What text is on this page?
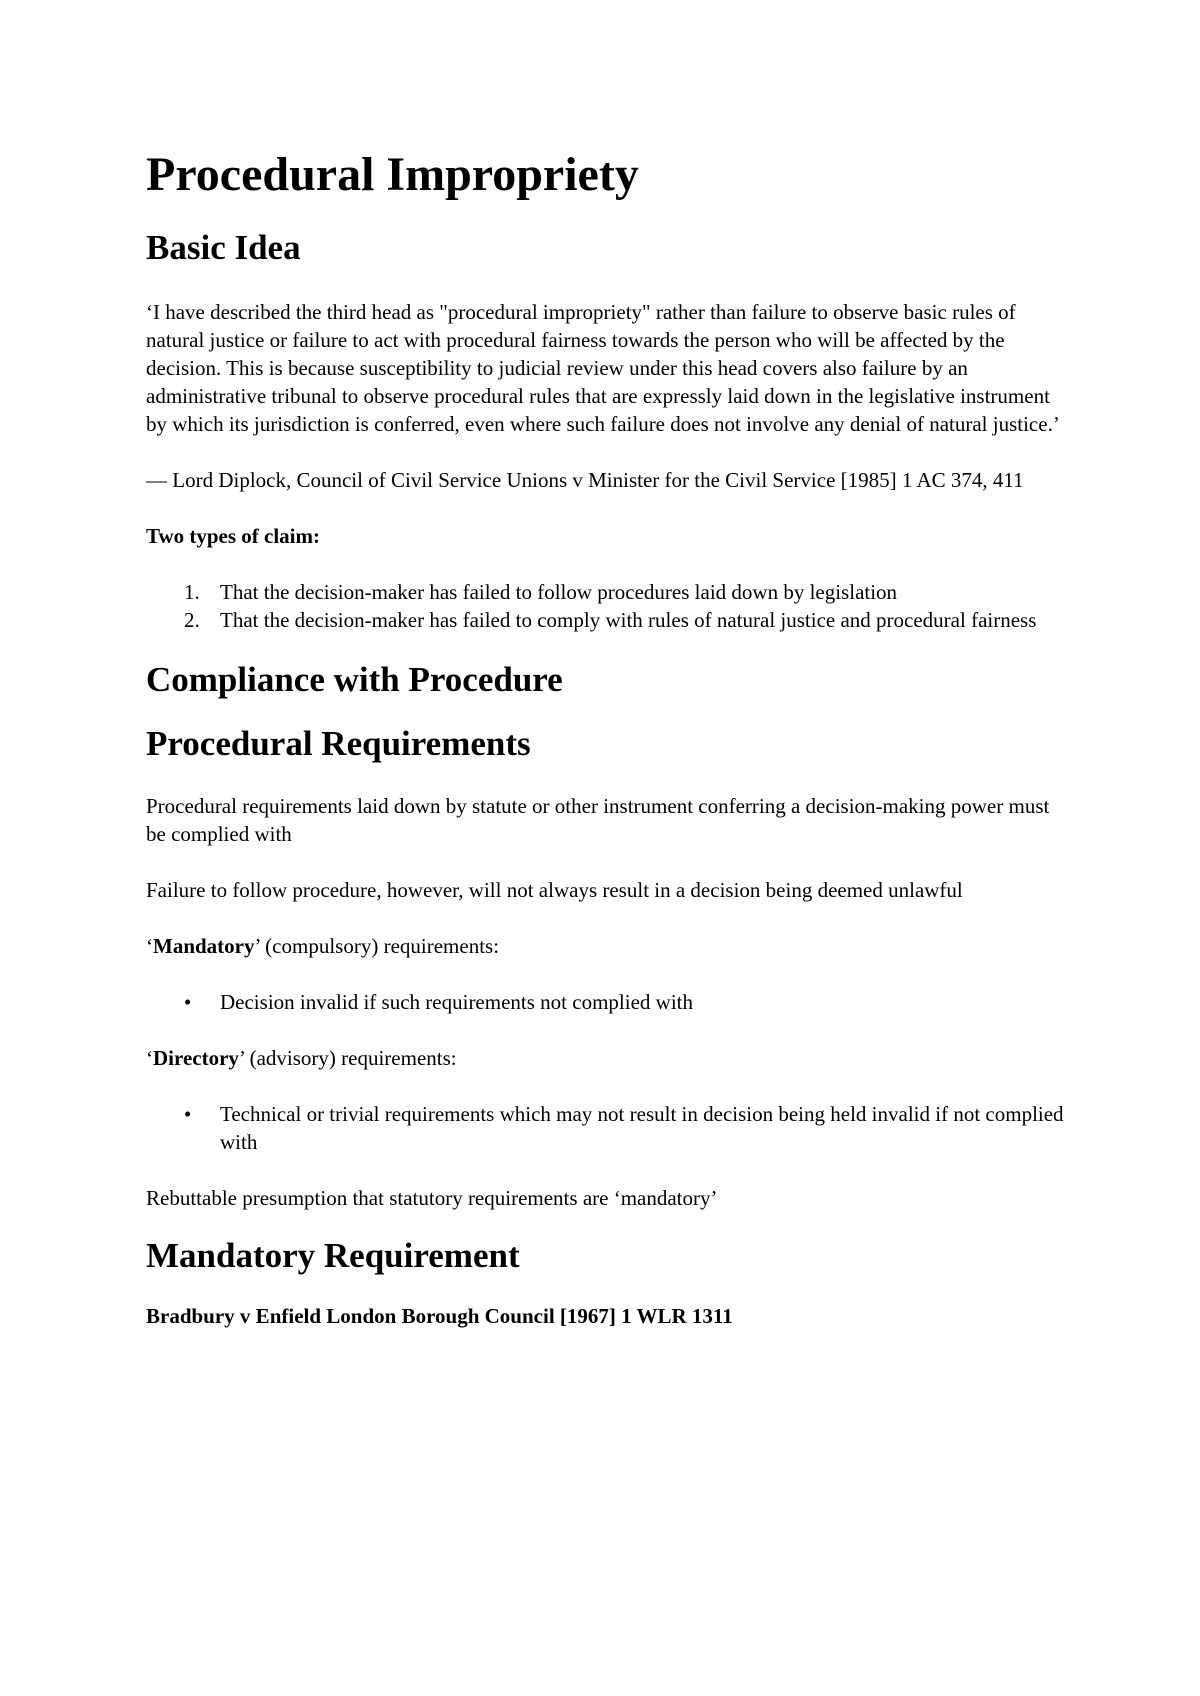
Procedural Impropriety
Basic Idea

‘I have described the third head as "procedural impropriety" rather than failure to observe basic rules of natural justice or failure to act with procedural fairness towards the person who will be affected by the decision. This is because susceptibility to judicial review under this head covers also failure by an administrative tribunal to observe procedural rules that are expressly laid down in the legislative instrument by which its jurisdiction is conferred, even where such failure does not involve any denial of natural justice.’

— Lord Diplock, Council of Civil Service Unions v Minister for the Civil Service [1985] 1 AC 374, 411

Two types of claim:

1. That the decision-maker has failed to follow procedures laid down by legislation
2. That the decision-maker has failed to comply with rules of natural justice and procedural fairness
Compliance with Procedure
Procedural Requirements

Procedural requirements laid down by statute or other instrument conferring a decision-making power must be complied with

Failure to follow procedure, however, will not always result in a decision being deemed unlawful

‘Mandatory’ (compulsory) requirements:

• Decision invalid if such requirements not complied with

‘Directory’ (advisory) requirements:

• Technical or trivial requirements which may not result in decision being held invalid if not complied with

Rebuttable presumption that statutory requirements are ‘mandatory’

Mandatory Requirement

Bradbury v Enfield London Borough Council [1967] 1 WLR 1311
